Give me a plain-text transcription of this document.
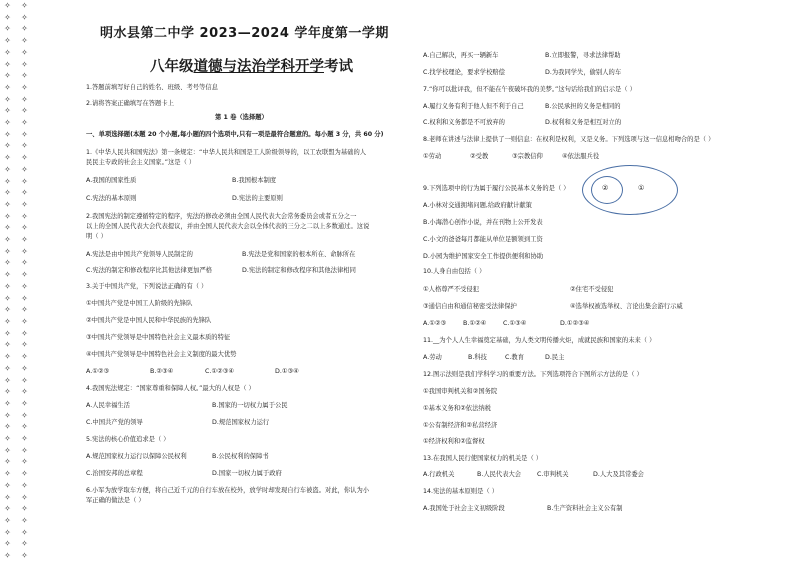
✧
✧
✧
✧
✧
✧
✧
✧
✧
✧
✧
✧
✧
✧
✧
✧
✧
✧
✧
✧
✧
✧
✧
✧
✧
✧
✧
✧
✧
✧
✧
✧
✧
✧
✧
✧
✧
✧
✧
✧
✧
✧
✧
✧
✧
✧
✧
✧
✧
✧
✧
✧
✧
✧
✧
✧
✧
✧
✧
✧
✧
✧
✧
✧
✧
✧
✧
✧
✧
✧
✧
✧
✧
✧
✧
✧
✧
✧
✧
✧
✧
✧
✧
✧
✧
✧
✧
✧
✧
✧
✧
✧
✧
✧
✧
✧
明水县第二中学 2023—2024 学年度第一学期
八年级道德与法治学科开学考试
1.答题前填写好自己的姓名、班级、考号等信息
2.请将答案正确填写在答题卡上
第 1 卷（选择题）
一、单项选择题(本题 20 个小题,每小题的四个选项中,只有一项是最符合题意的。每小题 3 分，共 60 分)
1.《中华人民共和国宪法》第一条规定：“中华人民共和国是工人阶级领导的，以工农联盟为基础的人
民民主专政的社会主义国家。”这是（ ）
A.我国的国家性质	B.我国根本制度
C.宪法的基本原则	D.宪法的主要原则
2.我国宪法的制定遵循特定的程序，宪法的修改必须由全国人民代表大会常务委员会或者五分之一
以上的全国人民代表大会代表提议，并由全国人民代表大会以全体代表的三分之二以上多数通过。这说
明（ ）
A.宪法是由中国共产党领导人民制定的	B.宪法是党和国家的根本所在、命脉所在
C.宪法的制定和修改程序比其他法律更加严格	D.宪法的制定和修改程序和其他法律相同
3.关于中国共产党，下列说法正确的有（ ）
①中国共产党是中国工人阶级的先锋队
②中国共产党是中国人民和中华民族的先锋队
③中国共产党领导是中国特色社会主义最本质的特征
④中国共产党领导是中国特色社会主义制度的最大优势
A.①②③	B.②③④	C.①②③④	D.①③④
4.我国宪法规定：“国家尊重和保障人权。”最大的人权是（ ）
A.人民幸福生活	B.国家的一切权力属于公民
C.中国共产党的领导	D.规范国家权力运行
5.宪法的核心价值追求是（ ）
A.规范国家权力运行以保障公民权利	B.公民权利的保障书
C.治国安邦的总章程	D.国家一切权力属于政府
6.小军为放学取车方便，将自己近千元的自行车放在校外，放学时却发现自行车被盗。对此，你认为小
军正确的做法是（ ）
A.自己解决，再买一辆新车	B.立即报警，寻求法律帮助
C.找学校理论，要求学校赔偿	D.为我同学失，偷别人的车
7.“你可以批评我，但不能在午夜破坏我的美梦。”这句话给我们的启示是（ ）
A.履行义务有利于他人但不利于自己	B.公民承担的义务是相同的
C.权利和义务都是不可放弃的	D.权利和义务是相互对立的
8.老师在讲述与法律上提供了一则信息：在权利是权利，又是义务。下列选项与这一信息相吻合的是（ ）
①劳动	②受教	③宗教信仰	④依法服兵役
9.下列选项中的行为属于履行公民基本义务的是（ ）
A.小林对交通拥堵问题,给政府献计献策
B.小海潜心创作小说，并在刊物上公开发表
C.小文的爸爸每月都能从单位足额领到工资
D.小园为维护国家安全工作提供便利和协助
10.人身自由包括（ ）
①人格尊严不受侵犯	②住宅不受侵犯
③通信自由和通信秘密受法律保护	④选举权被选举权、言论出集会游行示威
A.①②③	B.①②④	C.①③④	D.①②③④
11.__为个人人生幸福奠定基础，为人类文明传播火炬，成就民族和国家的未来（ ）
A.劳动	B.科技	C.教育	D.民主
12.图示法则是我们学科学习的重要方法。下列选项符合下图所示方法的是（ ）
①我国审判机关和②国务院
①基本义务和②依法纳税
①公有制经济和②私营经济
①经济权利和②监督权
13.在我国人民行使国家权力的机关是（ ）
A.行政机关	B.人民代表大会	C.审判机关	D.人大及其常委会
14.宪法的基本原则是（ ）
A.我国处于社会主义初级阶段	B.生产资料社会主义公有制
②	①
